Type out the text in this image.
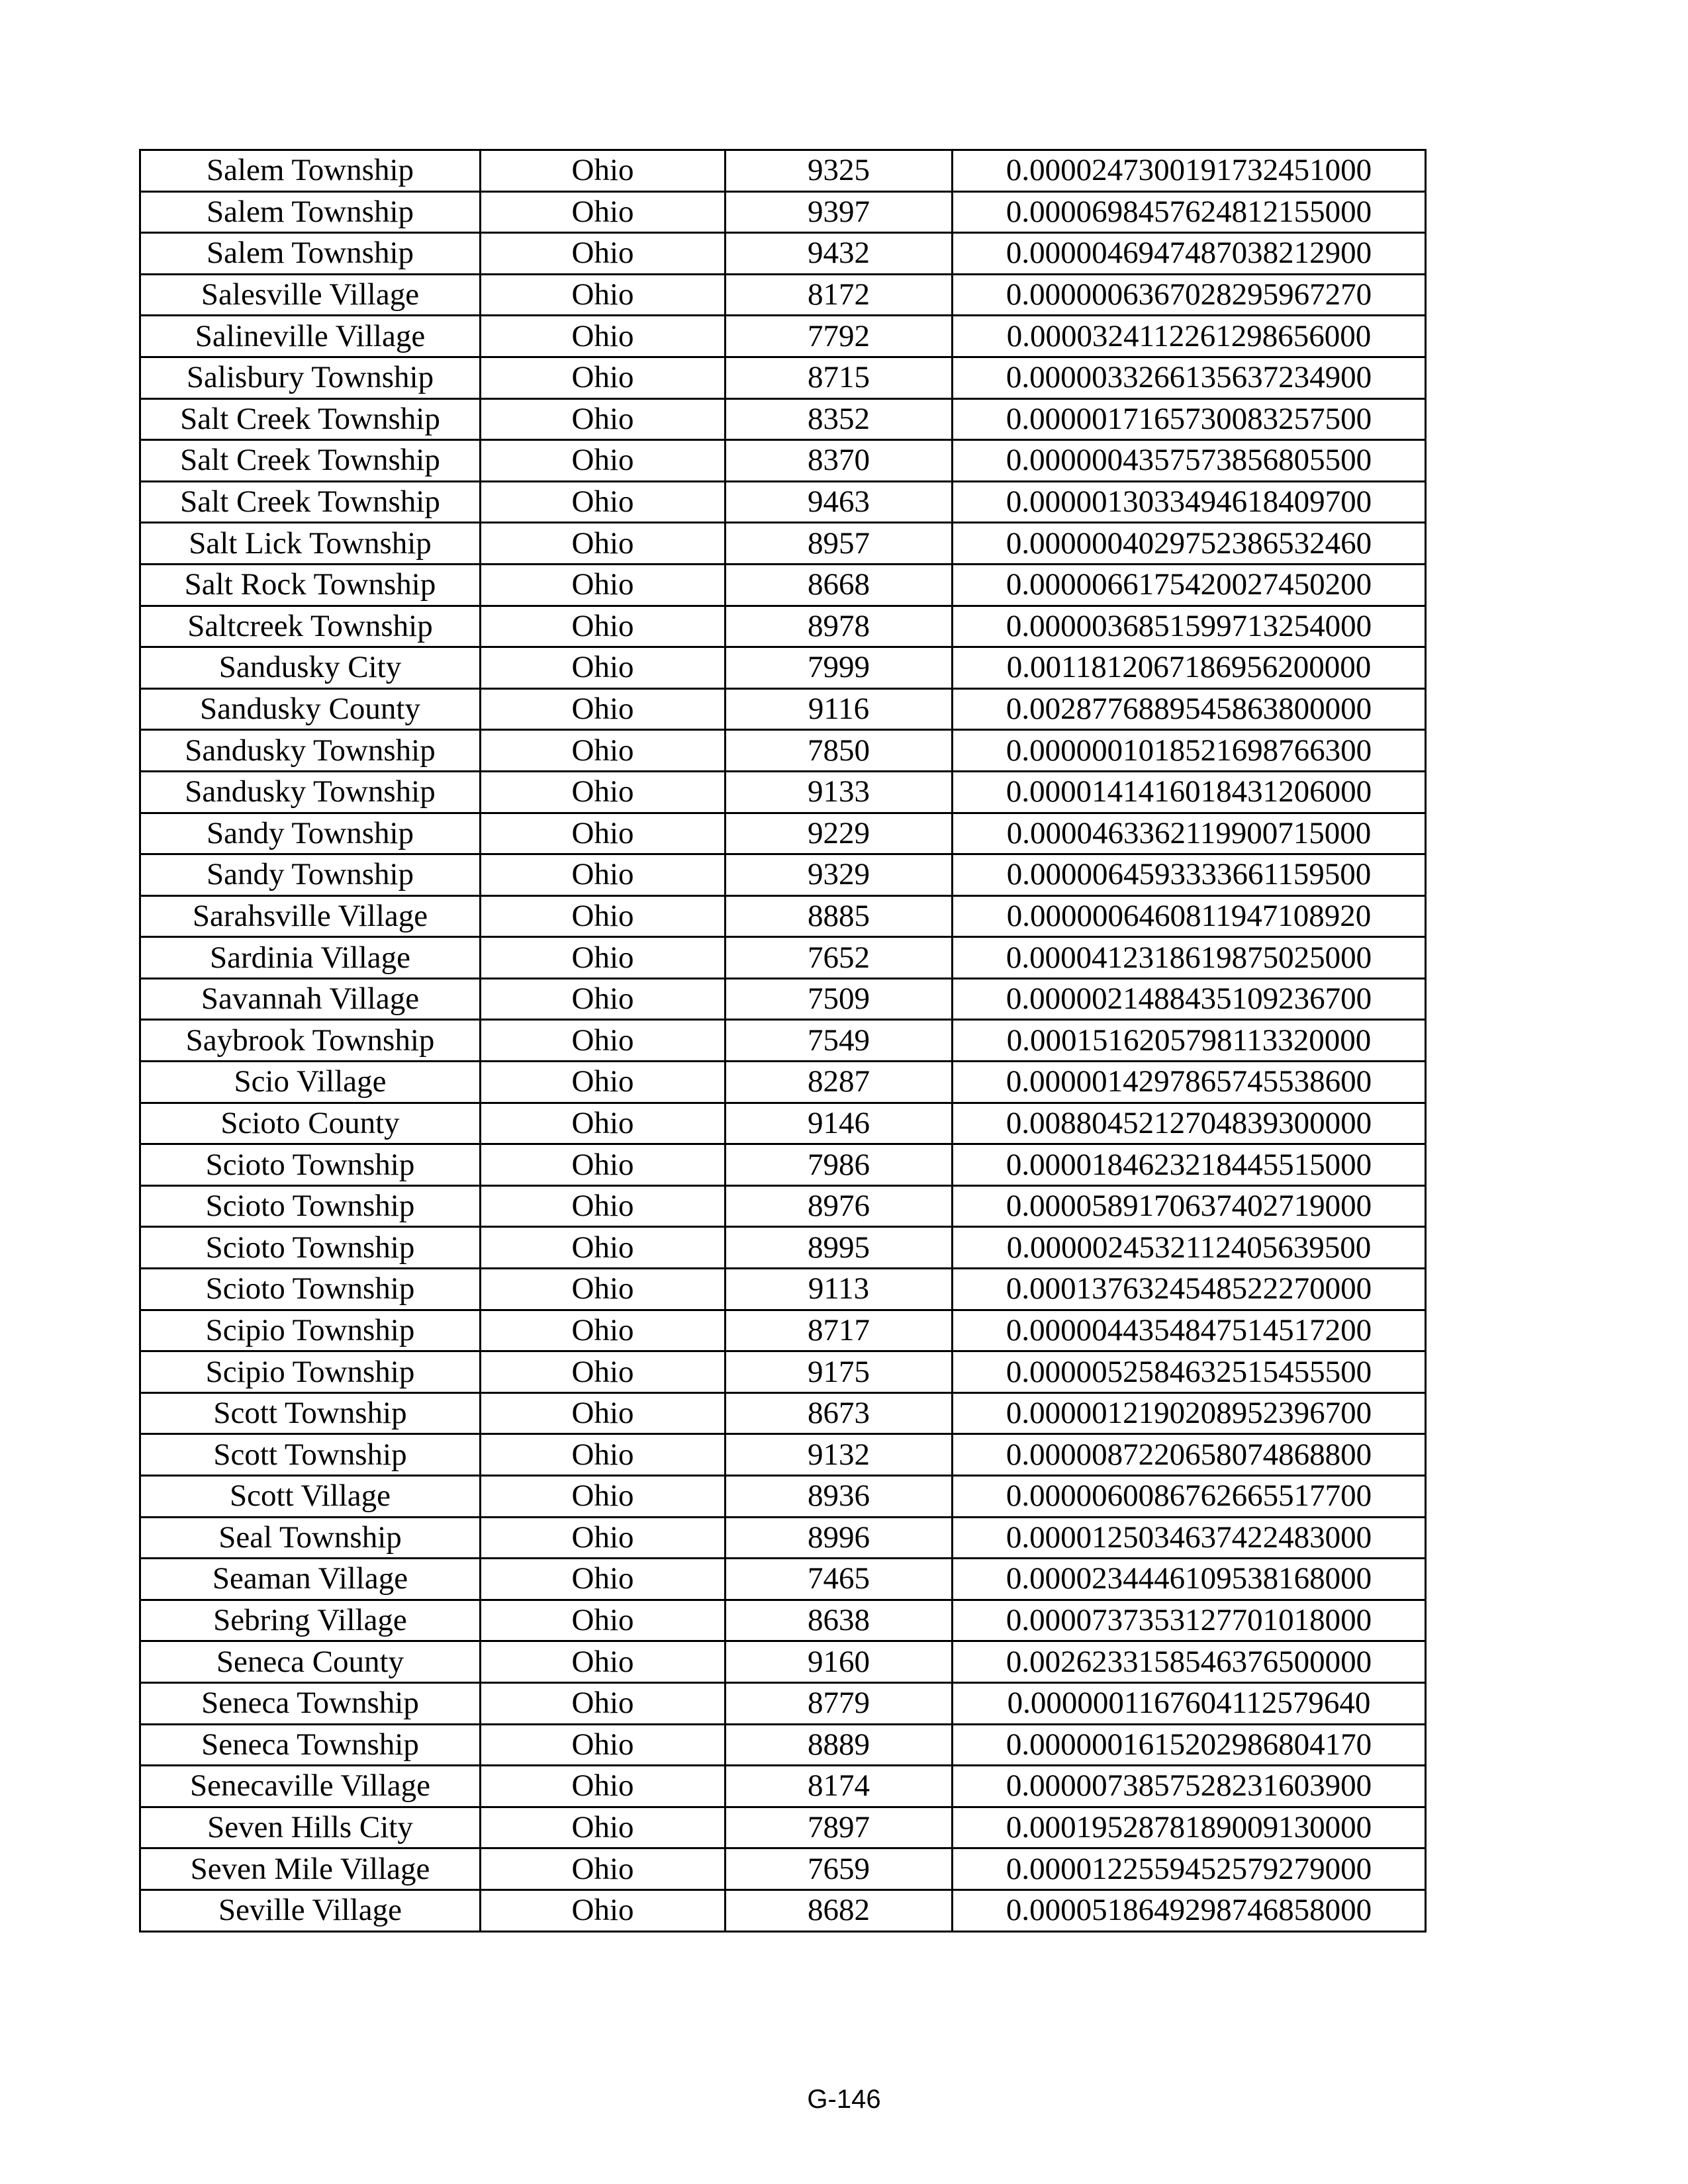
Salem Township	Ohio	9325	0.0000247300191732451000
Salem Township	Ohio	9397	0.0000698457624812155000
Salem Township	Ohio	9432	0.0000046947487038212900
Salesville Village	Ohio	8172	0.0000006367028295967270
Salineville Village	Ohio	7792	0.0000324112261298656000
Salisbury Township	Ohio	8715	0.0000033266135637234900
Salt Creek Township	Ohio	8352	0.0000017165730083257500
Salt Creek Township	Ohio	8370	0.0000004357573856805500
Salt Creek Township	Ohio	9463	0.0000013033494618409700
Salt Lick Township	Ohio	8957	0.0000004029752386532460
Salt Rock Township	Ohio	8668	0.0000066175420027450200
Saltcreek Township	Ohio	8978	0.0000036851599713254000
Sandusky City	Ohio	7999	0.0011812067186956200000
Sandusky County	Ohio	9116	0.0028776889545863800000
Sandusky Township	Ohio	7850	0.0000001018521698766300
Sandusky Township	Ohio	9133	0.0000141416018431206000
Sandy Township	Ohio	9229	0.0000463362119900715000
Sandy Township	Ohio	9329	0.0000064593333661159500
Sarahsville Village	Ohio	8885	0.0000006460811947108920
Sardinia Village	Ohio	7652	0.0000412318619875025000
Savannah Village	Ohio	7509	0.0000021488435109236700
Saybrook Township	Ohio	7549	0.0001516205798113320000
Scio Village	Ohio	8287	0.0000014297865745538600
Scioto County	Ohio	9146	0.0088045212704839300000
Scioto Township	Ohio	7986	0.0000184623218445515000
Scioto Township	Ohio	8976	0.0000589170637402719000
Scioto Township	Ohio	8995	0.0000024532112405639500
Scioto Township	Ohio	9113	0.0001376324548522270000
Scipio Township	Ohio	8717	0.0000044354847514517200
Scipio Township	Ohio	9175	0.0000052584632515455500
Scott Township	Ohio	8673	0.0000012190208952396700
Scott Township	Ohio	9132	0.0000087220658074868800
Scott Village	Ohio	8936	0.0000060086762665517700
Seal Township	Ohio	8996	0.0000125034637422483000
Seaman Village	Ohio	7465	0.0000234446109538168000
Sebring Village	Ohio	8638	0.0000737353127701018000
Seneca County	Ohio	9160	0.0026233158546376500000
Seneca Township	Ohio	8779	0.0000001167604112579640
Seneca Township	Ohio	8889	0.0000001615202986804170
Senecaville Village	Ohio	8174	0.0000073857528231603900
Seven Hills City	Ohio	7897	0.0001952878189009130000
Seven Mile Village	Ohio	7659	0.0000122559452579279000
Seville Village	Ohio	8682	0.0000518649298746858000
G-146
